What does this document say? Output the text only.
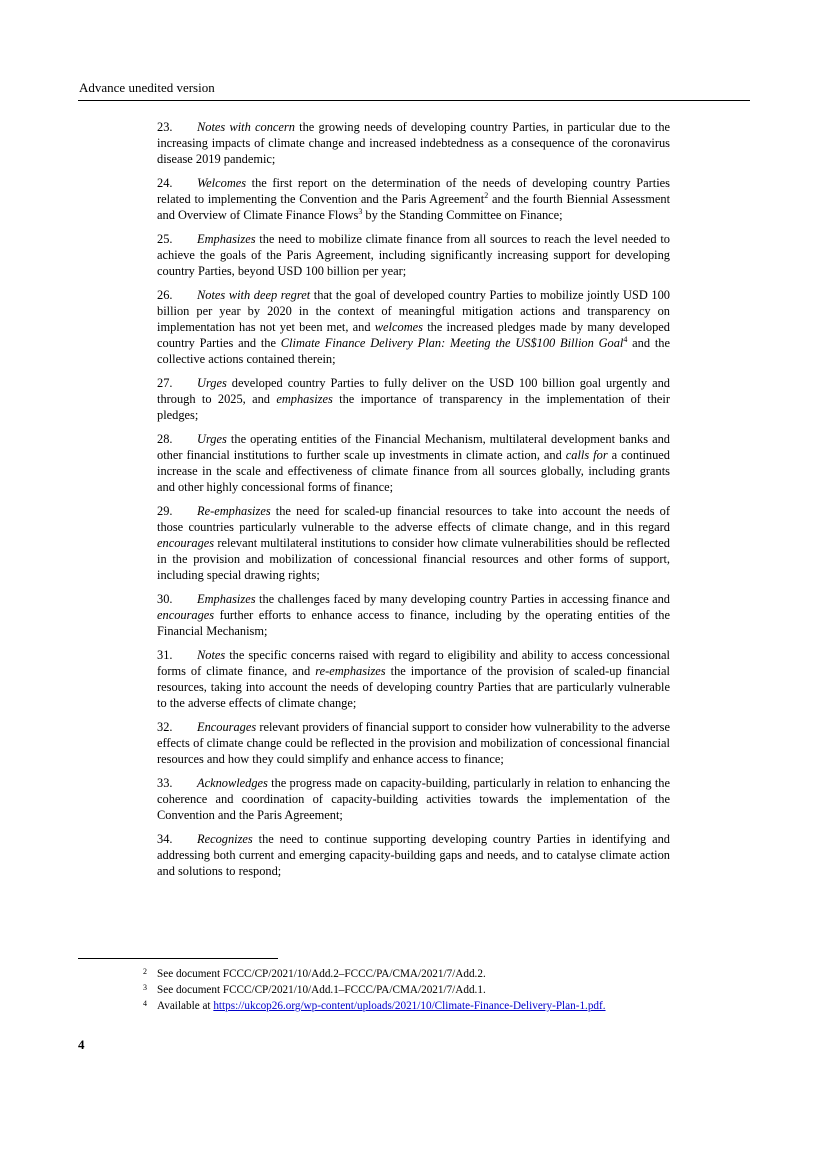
Advance unedited version

23. Notes with concern the growing needs of developing country Parties, in particular due to the increasing impacts of climate change and increased indebtedness as a consequence of the coronavirus disease 2019 pandemic;

24. Welcomes the first report on the determination of the needs of developing country Parties related to implementing the Convention and the Paris Agreement$^2$ and the fourth Biennial Assessment and Overview of Climate Finance Flows$^3$ by the Standing Committee on Finance;

25. Emphasizes the need to mobilize climate finance from all sources to reach the level needed to achieve the goals of the Paris Agreement, including significantly increasing support for developing country Parties, beyond USD 100 billion per year;

26. Notes with deep regret that the goal of developed country Parties to mobilize jointly USD 100 billion per year by 2020 in the context of meaningful mitigation actions and transparency on implementation has not yet been met, and welcomes the increased pledges made by many developed country Parties and the Climate Finance Delivery Plan: Meeting the US$100 Billion Goal$^4$ and the collective actions contained therein;

27. Urges developed country Parties to fully deliver on the USD 100 billion goal urgently and through to 2025, and emphasizes the importance of transparency in the implementation of their pledges;

28. Urges the operating entities of the Financial Mechanism, multilateral development banks and other financial institutions to further scale up investments in climate action, and calls for a continued increase in the scale and effectiveness of climate finance from all sources globally, including grants and other highly concessional forms of finance;

29. Re-emphasizes the need for scaled-up financial resources to take into account the needs of those countries particularly vulnerable to the adverse effects of climate change, and in this regard encourages relevant multilateral institutions to consider how climate vulnerabilities should be reflected in the provision and mobilization of concessional financial resources and other forms of support, including special drawing rights;

30. Emphasizes the challenges faced by many developing country Parties in accessing finance and encourages further efforts to enhance access to finance, including by the operating entities of the Financial Mechanism;

31. Notes the specific concerns raised with regard to eligibility and ability to access concessional forms of climate finance, and re-emphasizes the importance of the provision of scaled-up financial resources, taking into account the needs of developing country Parties that are particularly vulnerable to the adverse effects of climate change;

32. Encourages relevant providers of financial support to consider how vulnerability to the adverse effects of climate change could be reflected in the provision and mobilization of concessional financial resources and how they could simplify and enhance access to finance;

33. Acknowledges the progress made on capacity-building, particularly in relation to enhancing the coherence and coordination of capacity-building activities towards the implementation of the Convention and the Paris Agreement;

34. Recognizes the need to continue supporting developing country Parties in identifying and addressing both current and emerging capacity-building gaps and needs, and to catalyse climate action and solutions to respond;

2 See document FCCC/CP/2021/10/Add.2–FCCC/PA/CMA/2021/7/Add.2.
3 See document FCCC/CP/2021/10/Add.1–FCCC/PA/CMA/2021/7/Add.1.
4 Available at https://ukcop26.org/wp-content/uploads/2021/10/Climate-Finance-Delivery-Plan-1.pdf.
4
